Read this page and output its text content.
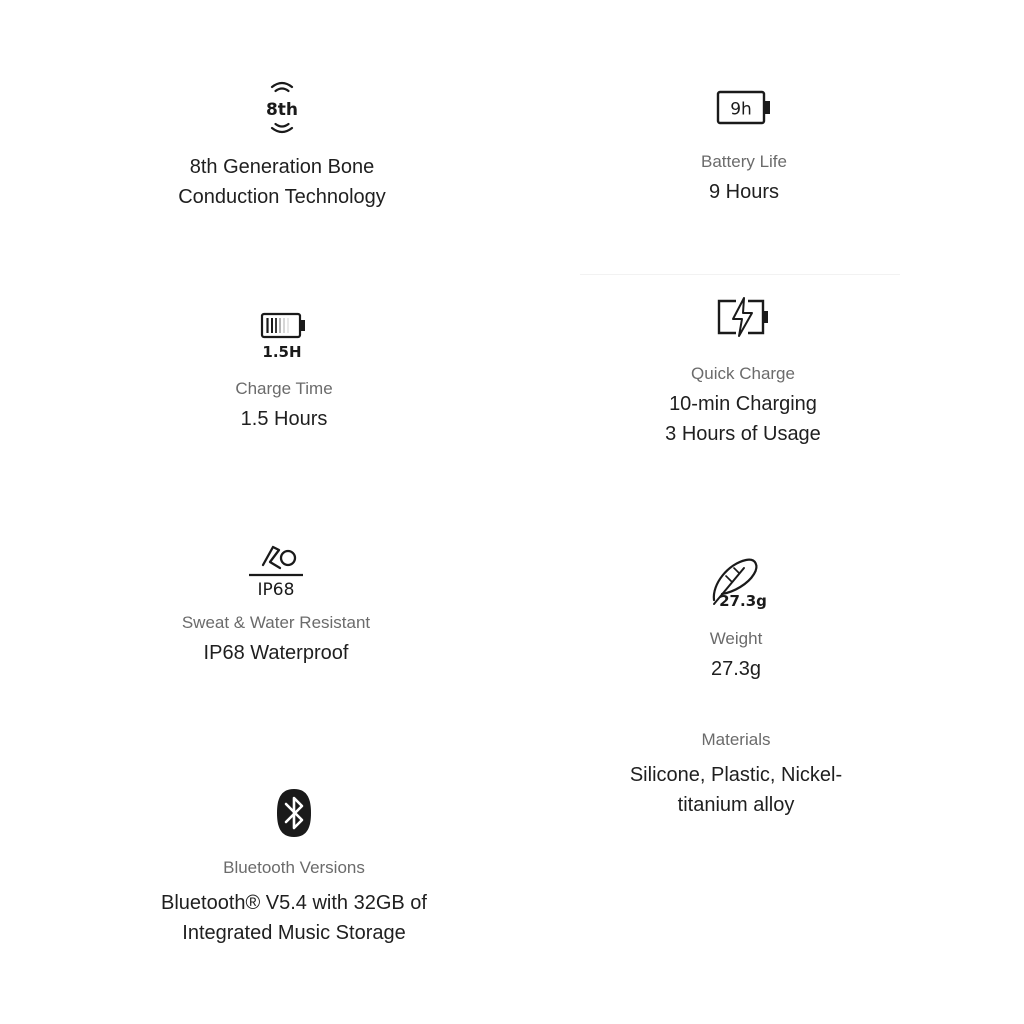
8th

8th Generation Bone

Conduction Technology

9h

Battery Life

9 Hours

1.5H

Charge Time

1.5 Hours

Quick Charge

10-min Charging

3 Hours of Usage

IP68

Sweat & Water Resistant

IP68 Waterproof

27.3g

Weight

27.3g

Materials

Silicone, Plastic, Nickel-

titanium alloy

Bluetooth Versions

Bluetooth® V5.4 with 32GB of

Integrated Music Storage
